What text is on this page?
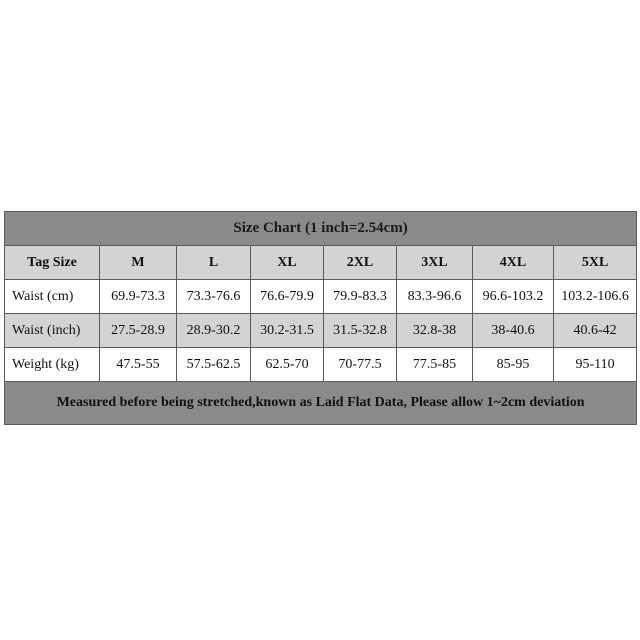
Size Chart (1 inch=2.54cm)							
Tag Size	M	L	XL	2XL	3XL	4XL	5XL
Waist (cm)	69.9-73.3	73.3-76.6	76.6-79.9	79.9-83.3	83.3-96.6	96.6-103.2	103.2-106.6
Waist (inch)	27.5-28.9	28.9-30.2	30.2-31.5	31.5-32.8	32.8-38	38-40.6	40.6-42
Weight (kg)	47.5-55	57.5-62.5	62.5-70	70-77.5	77.5-85	85-95	95-110
Measured before being stretched,known as Laid Flat Data, Please allow 1~2cm deviation							
